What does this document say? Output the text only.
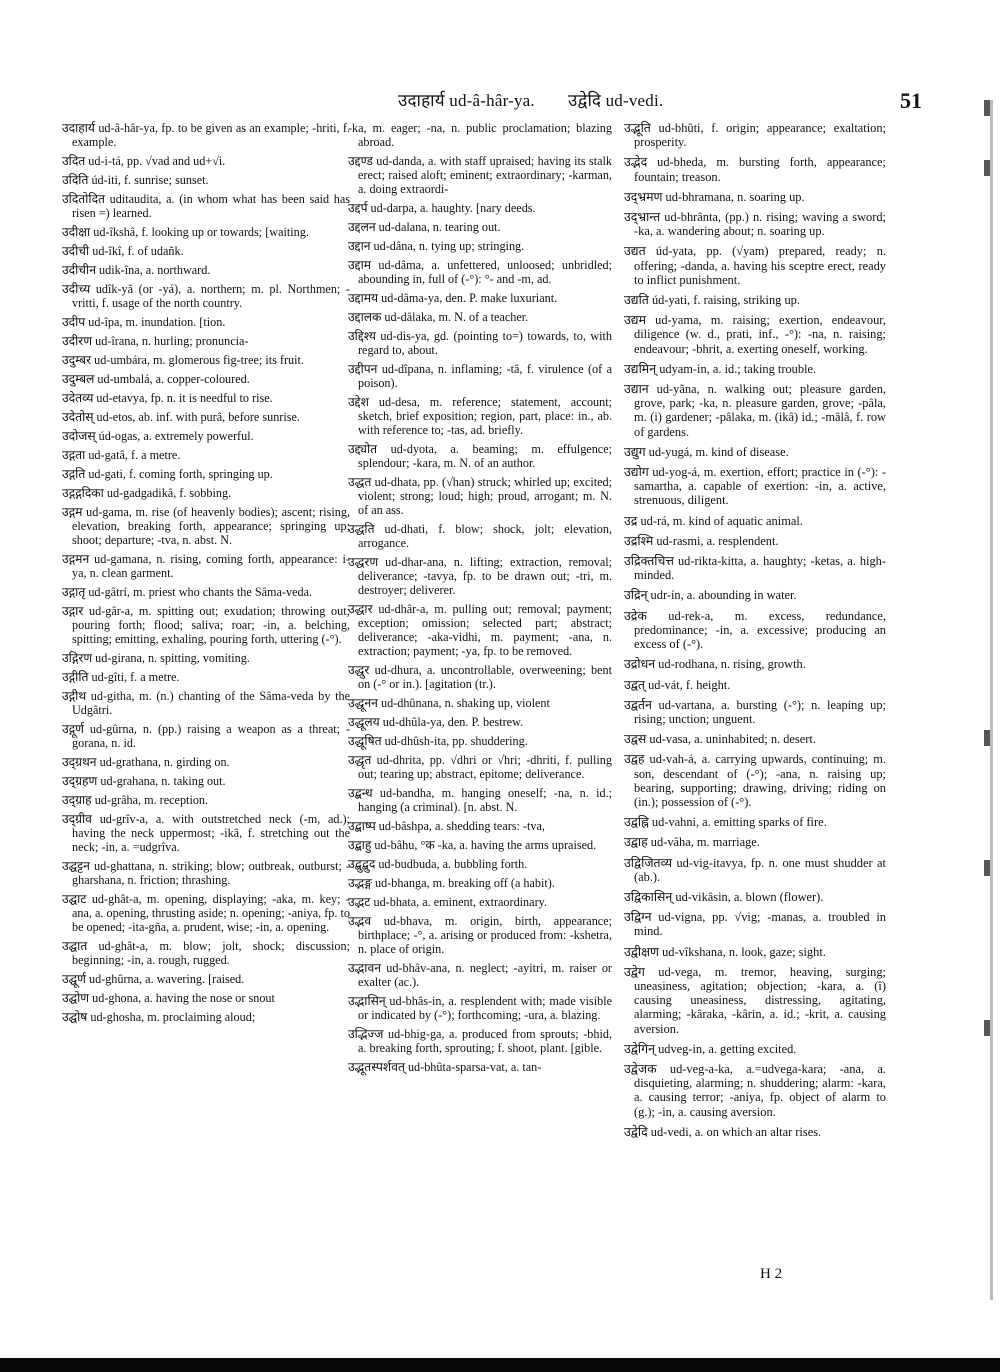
उदाहार्य ud-â-hâr-ya. उद्वेदि ud-vedi.	51
उदाहार्य ud-â-hâr-ya, fp. to be given as an example; -hriti, f. example.
उदित ud-i-tá, pp. √vad and ud+√i.
उदिति úd-iti, f. sunrise; sunset.
उदितोदित uditaudita, a. (in whom what has been said has risen =) learned.
उदीक्षा ud-îkshâ, f. looking up or towards; [waiting.
उदीची ud-îkî, f. of udañk.
उदीचीन udik-îna, a. northward.
उदीच्य udîk-yã (or -yá), a. northern; m. pl. Northmen; -vritti, f. usage of the north country.
उदीप ud-îpa, m. inundation. [tion.
उदीरण ud-îrana, n. hurling; pronuncia-
उदुम्बर ud-umbára, m. glomerous fig-tree; its fruit.
उदुम्बल ud-umbalá, a. copper-coloured.
उदेतव्य ud-etavya, fp. n. it is needful to rise.
उदेतोस् ud-etos, ab. inf. with purâ, before sunrise.
उदोजस् úd-ogas, a. extremely powerful.
उद्गता ud-gatâ, f. a metre.
उद्गति ud-gati, f. coming forth, springing up.
उद्गद्गदिका ud-gadgadikâ, f. sobbing.
उद्गम ud-gama, m. rise (of heavenly bodies); ascent; rising, elevation, breaking forth, appearance; springing up; shoot; departure; -tva, n. abst. N.
उद्गमन ud-gamana, n. rising, coming forth, appearance: i-ya, n. clean garment.
उद्गातृ ud-gâtrí, m. priest who chants the Sâma-veda.
उद्गार ud-gâr-a, m. spitting out; exudation; throwing out; pouring forth; flood; saliva; roar; -in, a. belching, spitting; emitting, exhaling, pouring forth, uttering (-°).
उद्गिरण ud-girana, n. spitting, vomiting.
उद्गीति ud-gîti, f. a metre.
उद्गीथ ud-githa, m. (n.) chanting of the Sâma-veda by the Udgâtri.
उद्गूर्ण ud-gûrna, n. (pp.) raising a weapon as a threat; -gorana, n. id.
उद्ग्रथन ud-grathana, n. girding on.
उद्ग्रहण ud-grahana, n. taking out.
उद्ग्राह ud-grâha, m. reception.
उद्ग्रीव ud-grîv-a, a. with outstretched neck (-m, ad.); having the neck uppermost; -ikâ, f. stretching out the neck; -in, a. =udgrîva.
उद्घट्टन ud-ghattana, n. striking; blow; outbreak, outburst; -gharshana, n. friction; thrashing.
उद्घाट ud-ghât-a, m. opening, displaying; -aka, m. key; -ana, a. opening, thrusting aside; n. opening; -aniya, fp. to be opened; -ita-gña, a. prudent, wise; -in, a. opening.
उद्घात ud-ghât-a, m. blow; jolt, shock; discussion; beginning; -in, a. rough, rugged.
उद्घूर्ण ud-ghûrna, a. wavering. [raised.
उद्घोण ud-ghona, a. having the nose or snout
उद्घोष ud-ghosha, m. proclaiming aloud;
-ka, m. eager; -na, n. public proclamation; blazing abroad.
उद्दण्ड ud-danda, a. with staff upraised; having its stalk erect; raised aloft; eminent; extraordinary; -karman, a. doing extraordi-
उद्दर्प ud-darpa, a. haughty. [nary deeds.
उद्दलन ud-dalana, n. tearing out.
उद्दान ud-dâna, n. tying up; stringing.
उद्दाम ud-dâma, a. unfettered, unloosed; unbridled; abounding in, full of (-°): °- and -m, ad.
उद्दामय ud-dâma-ya, den. P. make luxuriant.
उद्दालक ud-dâlaka, m. N. of a teacher.
उद्दिश्य ud-dis-ya, gd. (pointing to=) towards, to, with regard to, about.
उद्दीपन ud-dîpana, n. inflaming; -tâ, f. virulence (of a poison).
उद्देश ud-desa, m. reference; statement, account; sketch, brief exposition; region, part, place: in., ab. with reference to; -tas, ad. briefly.
उद्द्योत ud-dyota, a. beaming; m. effulgence; splendour; -kara, m. N. of an author.
उद्धत ud-dhata, pp. (√han) struck; whirled up; excited; violent; strong; loud; high; proud, arrogant; m. N. of an ass.
उद्धति ud-dhati, f. blow; shock, jolt; elevation, arrogance.
उद्धरण ud-dhar-ana, n. lifting; extraction, removal; deliverance; -tavya, fp. to be drawn out; -tri, m. destroyer; deliverer.
उद्धार ud-dhâr-a, m. pulling out; removal; payment; exception; omission; selected part; abstract; deliverance; -aka-vidhi, m. payment; -ana, n. extraction; payment; -ya, fp. to be removed.
उद्धुर ud-dhura, a. uncontrollable, overweening; bent on (-° or in.). [agitation (tr.).
उद्धूनन ud-dhûnana, n. shaking up, violent
उद्धूलय ud-dhûla-ya, den. P. bestrew.
उद्धूषित ud-dhûsh-ita, pp. shuddering.
उद्धृत ud-dhrita, pp. √dhri or √hri; -dhriti, f. pulling out; tearing up; abstract, epitome; deliverance.
उद्बन्ध ud-bandha, m. hanging oneself; -na, n. id.; hanging (a criminal). [n. abst. N.
उद्बाष्प ud-bâshpa, a. shedding tears: -tva,
उद्बाहु ud-bâhu, °क -ka, a. having the arms upraised.
उद्बुद्बुद ud-budbuda, a. bubbling forth.
उद्भङ्ग ud-bhanga, m. breaking off (a habit).
उद्भट ud-bhata, a. eminent, extraordinary.
उद्भव ud-bhava, m. origin, birth, appearance; birthplace; -°, a. arising or produced from: -kshetra, n. place of origin.
उद्भावन ud-bhâv-ana, n. neglect; -ayitri, m. raiser or exalter (ac.).
उद्भासिन् ud-bhâs-in, a. resplendent with; made visible or indicated by (-°); forthcoming; -ura, a. blazing.
उद्भिज्ज ud-bhig-ga, a. produced from sprouts; -bhid, a. breaking forth, sprouting; f. shoot, plant. [gible.
उद्भूतस्पर्शवत् ud-bhûta-sparsa-vat, a. tan-
उद्भूति ud-bhûti, f. origin; appearance; exaltation; prosperity.
उद्भेद ud-bheda, m. bursting forth, appearance; fountain; treason.
उद्भ्रमण ud-bhramana, n. soaring up.
उद्भ्रान्त ud-bhrânta, (pp.) n. rising; waving a sword; -ka, a. wandering about; n. soaring up.
उद्यत úd-yata, pp. (√yam) prepared, ready; n. offering; -danda, a. having his sceptre erect, ready to inflict punishment.
उद्यति úd-yati, f. raising, striking up.
उद्यम ud-yama, m. raising; exertion, endeavour, diligence (w. d., prati, inf., -°): -na, n. raising; endeavour; -bhrit, a. exerting oneself, working.
उद्यमिन् udyam-in, a. id.; taking trouble.
उद्यान ud-yãna, n. walking out; pleasure garden, grove, park; -ka, n. pleasure garden, grove; -pâla, m. (i) gardener; -pâlaka, m. (ikâ) id.; -mâlâ, f. row of gardens.
उद्युग ud-yugá, m. kind of disease.
उद्योग ud-yog-á, m. exertion, effort; practice in (-°): -samartha, a. capable of exertion: -in, a. active, strenuous, diligent.
उद्र ud-rá, m. kind of aquatic animal.
उद्रश्मि ud-rasmi, a. resplendent.
उद्रिक्तचित्त ud-rikta-kitta, a. haughty; -ketas, a. high-minded.
उद्रिन् udr-ín, a. abounding in water.
उद्रेक ud-rek-a, m. excess, redundance, predominance; -in, a. excessive; producing an excess of (-°).
उद्रोधन ud-rodhana, n. rising, growth.
उद्वत् ud-vát, f. height.
उद्वर्तन ud-vartana, a. bursting (-°); n. leaping up; rising; unction; unguent.
उद्वस ud-vasa, a. uninhabited; n. desert.
उद्वह ud-vah-á, a. carrying upwards, continuing; m. son, descendant of (-°); -ana, n. raising up; bearing, supporting; drawing, driving; riding on (in.); possession of (-°).
उद्वह्नि ud-vahni, a. emitting sparks of fire.
उद्वाह ud-vâha, m. marriage.
उद्विजितव्य ud-vig-itavya, fp. n. one must shudder at (ab.).
उद्विकासिन् ud-vikâsin, a. blown (flower).
उद्विग्न ud-vigna, pp. √vig; -manas, a. troubled in mind.
उद्वीक्षण ud-vîkshana, n. look, gaze; sight.
उद्वेग ud-vega, m. tremor, heaving, surging; uneasiness, agitation; objection; -kara, a. (î) causing uneasiness, distressing, agitating, alarming; -kâraka, -kârin, a. id.; -krit, a. causing aversion.
उद्वेगिन् udveg-in, a. getting excited.
उद्वेजक ud-veg-a-ka, a.=udvega-kara; -ana, a. disquieting, alarming; n. shuddering; alarm: -kara, a. causing terror; -aniya, fp. object of alarm to (g.); -in, a. causing aversion.
उद्वेदि ud-vedi, a. on which an altar rises.
H 2
